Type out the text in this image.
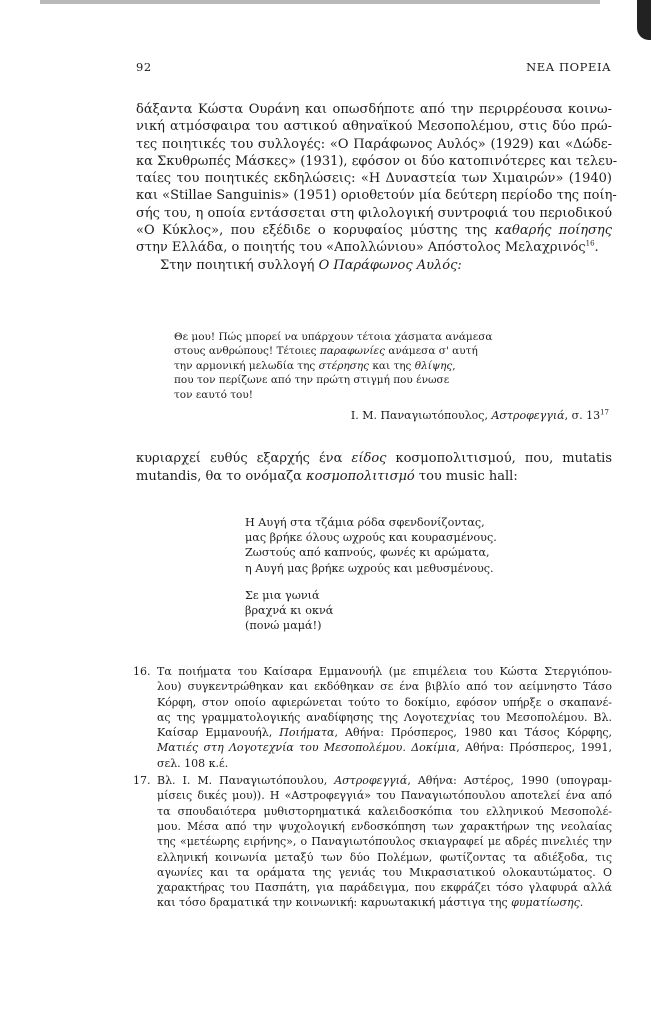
92	ΝΕΑ ΠΟΡΕΙΑ
δάξαντα Κώστα Ουράνη και οπωσδήποτε από την περιρρέουσα κοινω-
νική ατμόσφαιρα του αστικού αθηναϊκού Μεσοπολέμου, στις δύο πρώ-
τες ποιητικές του συλλογές: «Ο Παράφωνος Αυλός» (1929) και «Δώδε-
κα Σκυθρωπές Μάσκες» (1931), εφόσον οι δύο κατοπινότερες και τελευ-
ταίες του ποιητικές εκδηλώσεις: «Η Δυναστεία των Χιμαιρών» (1940)
και «Stillae Sanguinis» (1951) οριοθετούν μία δεύτερη περίοδο της ποίη-
σής του, η οποία εντάσσεται στη φιλολογική συντροφιά του περιοδικού
«Ο Κύκλος», που εξέδιδε ο κορυφαίος μύστης της καθαρής ποίησης
στην Ελλάδα, ο ποιητής του «Απολλώνιου» Απόστολος Μελαχρινός$^{16}$.
Στην ποιητική συλλογή Ο Παράφωνος Αυλός:
Θε μου! Πώς μπορεί να υπάρχουν τέτοια χάσματα ανάμεσα
στους ανθρώπους! Τέτοιες παραφωνίες ανάμεσα σ' αυτή
την αρμονική μελωδία της στέρησης και της θλίψης,
που τον περίζωνε από την πρώτη στιγμή που ένωσε
τον εαυτό του!
Ι. Μ. Παναγιωτόπουλος, Αστροφεγγιά, σ. $13^{17}$
κυριαρχεί ευθύς εξαρχής ένα είδος κοσμοπολιτισμού, που, mutatis
mutandis, θα το ονόμαζα κοσμοπολιτισμό του music hall:
Η Αυγή στα τζάμια ρόδα σφενδονίζοντας,
μας βρήκε όλους ωχρούς και κουρασμένους.
Ζωστούς από καπνούς, φωνές κι αρώματα,
η Αυγή μας βρήκε ωχρούς και μεθυσμένους.
Σε μια γωνιά
βραχνά κι οκνά
(πονώ μαμά!)
16. Τα ποιήματα του Καίσαρα Εμμανουήλ (με επιμέλεια του Κώστα Στεργιόπου-
λου) συγκεντρώθηκαν και εκδόθηκαν σε ένα βιβλίο από τον αείμνηστο Τάσο
Κόρφη, στον οποίο αφιερώνεται τούτο το δοκίμιο, εφόσον υπήρξε ο σκαπανέ-
ας της γραμματολογικής αναδίφησης της Λογοτεχνίας του Μεσοπολέμου. Βλ.
Καίσαρ Εμμανουήλ, Ποιήματα, Αθήνα: Πρόσπερος, 1980 και Τάσος Κόρφης,
Ματιές στη Λογοτεχνία του Μεσοπολέμου. Δοκίμια, Αθήνα: Πρόσπερος, 1991,
σελ. 108 κ.έ.
17. Βλ. Ι. Μ. Παναγιωτόπουλου, Αστροφεγγιά, Αθήνα: Αστέρος, 1990 (υπογραμ-
μίσεις δικές μου)). Η «Αστροφεγγιά» του Παναγιωτόπουλου αποτελεί ένα από
τα σπουδαιότερα μυθιστορηματικά καλειδοσκόπια του ελληνικού Μεσοπολέ-
μου. Μέσα από την ψυχολογική ενδοσκόπηση των χαρακτήρων της νεολαίας
της «μετέωρης ειρήνης», ο Παναγιωτόπουλος σκιαγραφεί με αδρές πινελιές την
ελληνική κοινωνία μεταξύ των δύο Πολέμων, φωτίζοντας τα αδιέξοδα, τις
αγωνίες και τα οράματα της γενιάς του Μικρασιατικού ολοκαυτώματος. Ο
χαρακτήρας του Πασπάτη, για παράδειγμα, που εκφράζει τόσο γλαφυρά αλλά
και τόσο δραματικά την κοινωνική: καρυωτακική μάστιγα της φυματίωσης.
